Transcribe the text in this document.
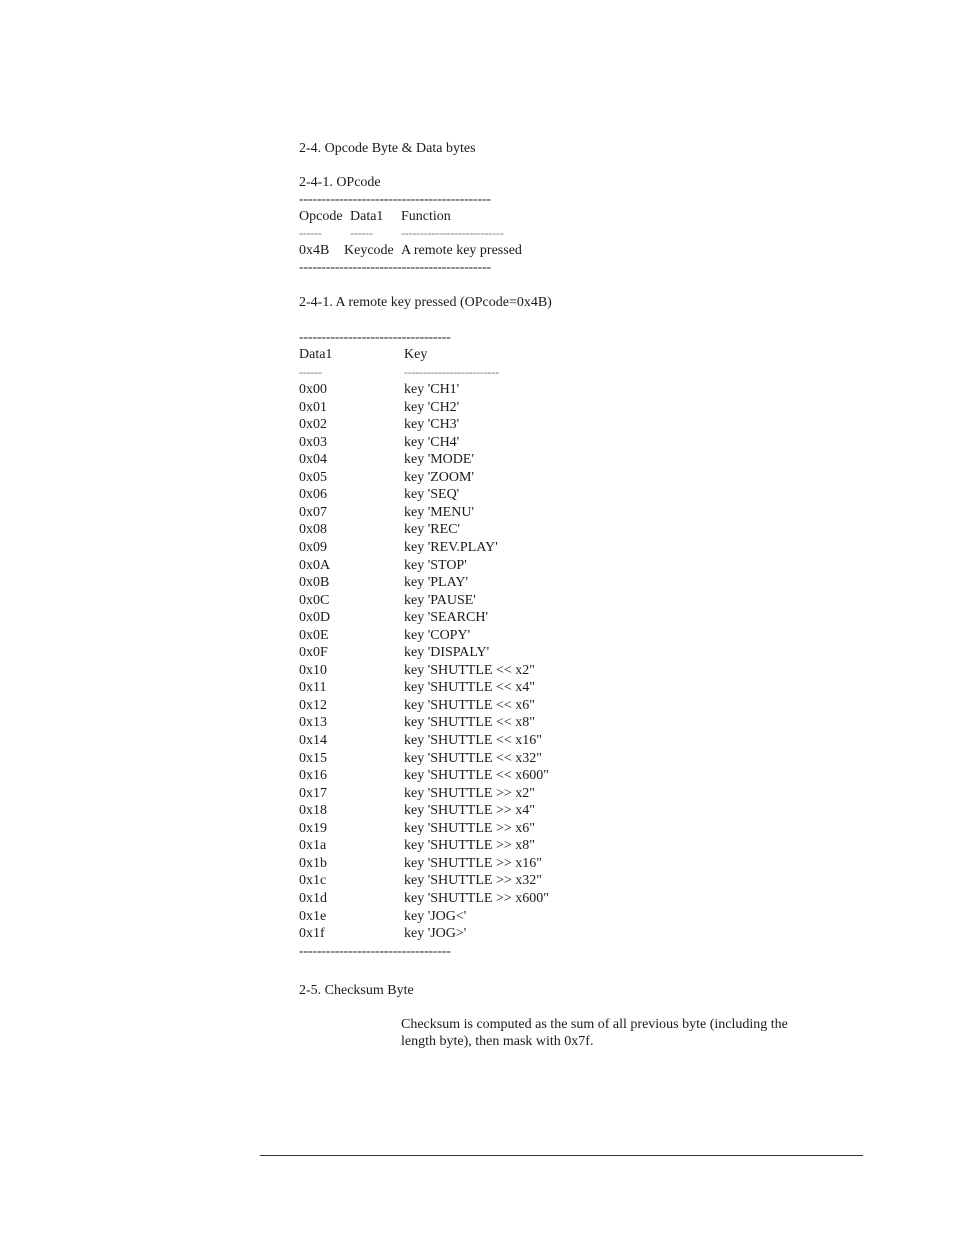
2-4. Opcode Byte & Data bytes
2-4-1. OPcode
-------------------------------------------
Opcode Data1 Function
------ ------ ---------------------------
0x4B Keycode A remote key pressed
-------------------------------------------
2-4-1. A remote key pressed (OPcode=0x4B)
----------------------------------
Data1	Key
------	-------------------------
0x00	key 'CH1'
0x01	key 'CH2'
0x02	key 'CH3'
0x03	key 'CH4'
0x04	key 'MODE'
0x05	key 'ZOOM'
0x06	key 'SEQ'
0x07	key 'MENU'
0x08	key 'REC'
0x09	key 'REV.PLAY'
0x0A	key 'STOP'
0x0B	key 'PLAY'
0x0C	key 'PAUSE'
0x0D	key 'SEARCH'
0x0E	key 'COPY'
0x0F	key 'DISPALY'
0x10	key 'SHUTTLE << x2"
0x11	key 'SHUTTLE << x4"
0x12	key 'SHUTTLE << x6"
0x13	key 'SHUTTLE << x8"
0x14	key 'SHUTTLE << x16"
0x15	key 'SHUTTLE << x32"
0x16	key 'SHUTTLE << x600"
0x17	key 'SHUTTLE >> x2"
0x18	key 'SHUTTLE >> x4"
0x19	key 'SHUTTLE >> x6"
0x1a	key 'SHUTTLE >> x8"
0x1b	key 'SHUTTLE >> x16"
0x1c	key 'SHUTTLE >> x32"
0x1d	key 'SHUTTLE >> x600"
0x1e	key 'JOG<'
0x1f	key 'JOG>'
----------------------------------
2-5. Checksum Byte
Checksum is computed as the sum of all previous byte (including the length byte), then mask with 0x7f.
